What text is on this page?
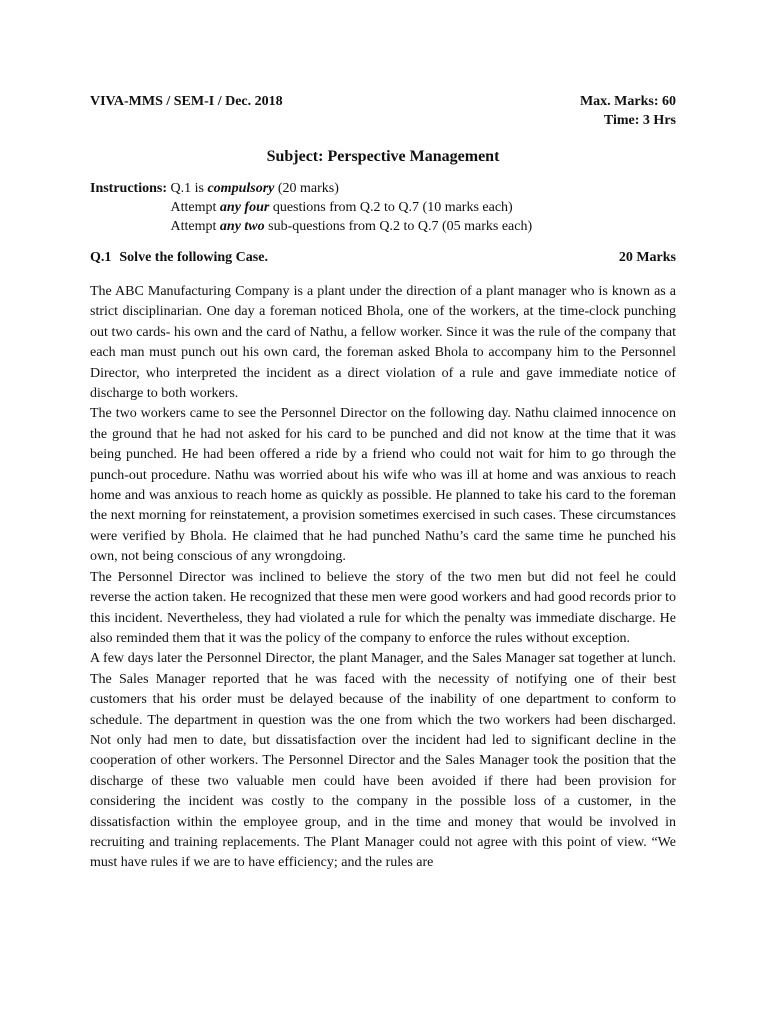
VIVA-MMS / SEM-I / Dec. 2018	Max. Marks: 60
Time: 3 Hrs
Subject: Perspective Management
Instructions:
Q.1 is compulsory (20 marks)
Attempt any four questions from Q.2 to Q.7 (10 marks each)
Attempt any two sub-questions from Q.2 to Q.7 (05 marks each)
Q.1 Solve the following Case.	20 Marks

The ABC Manufacturing Company is a plant under the direction of a plant manager who is known as a strict disciplinarian. One day a foreman noticed Bhola, one of the workers, at the time-clock punching out two cards- his own and the card of Nathu, a fellow worker. Since it was the rule of the company that each man must punch out his own card, the foreman asked Bhola to accompany him to the Personnel Director, who interpreted the incident as a direct violation of a rule and gave immediate notice of discharge to both workers.

The two workers came to see the Personnel Director on the following day. Nathu claimed innocence on the ground that he had not asked for his card to be punched and did not know at the time that it was being punched. He had been offered a ride by a friend who could not wait for him to go through the punch-out procedure. Nathu was worried about his wife who was ill at home and was anxious to reach home and was anxious to reach home as quickly as possible. He planned to take his card to the foreman the next morning for reinstatement, a provision sometimes exercised in such cases. These circumstances were verified by Bhola. He claimed that he had punched Nathu’s card the same time he punched his own, not being conscious of any wrongdoing.

The Personnel Director was inclined to believe the story of the two men but did not feel he could reverse the action taken. He recognized that these men were good workers and had good records prior to this incident. Nevertheless, they had violated a rule for which the penalty was immediate discharge. He also reminded them that it was the policy of the company to enforce the rules without exception.

A few days later the Personnel Director, the plant Manager, and the Sales Manager sat together at lunch. The Sales Manager reported that he was faced with the necessity of notifying one of their best customers that his order must be delayed because of the inability of one department to conform to schedule. The department in question was the one from which the two workers had been discharged. Not only had men to date, but dissatisfaction over the incident had led to significant decline in the cooperation of other workers. The Personnel Director and the Sales Manager took the position that the discharge of these two valuable men could have been avoided if there had been provision for considering the incident was costly to the company in the possible loss of a customer, in the dissatisfaction within the employee group, and in the time and money that would be involved in recruiting and training replacements. The Plant Manager could not agree with this point of view. “We must have rules if we are to have efficiency; and the rules are
